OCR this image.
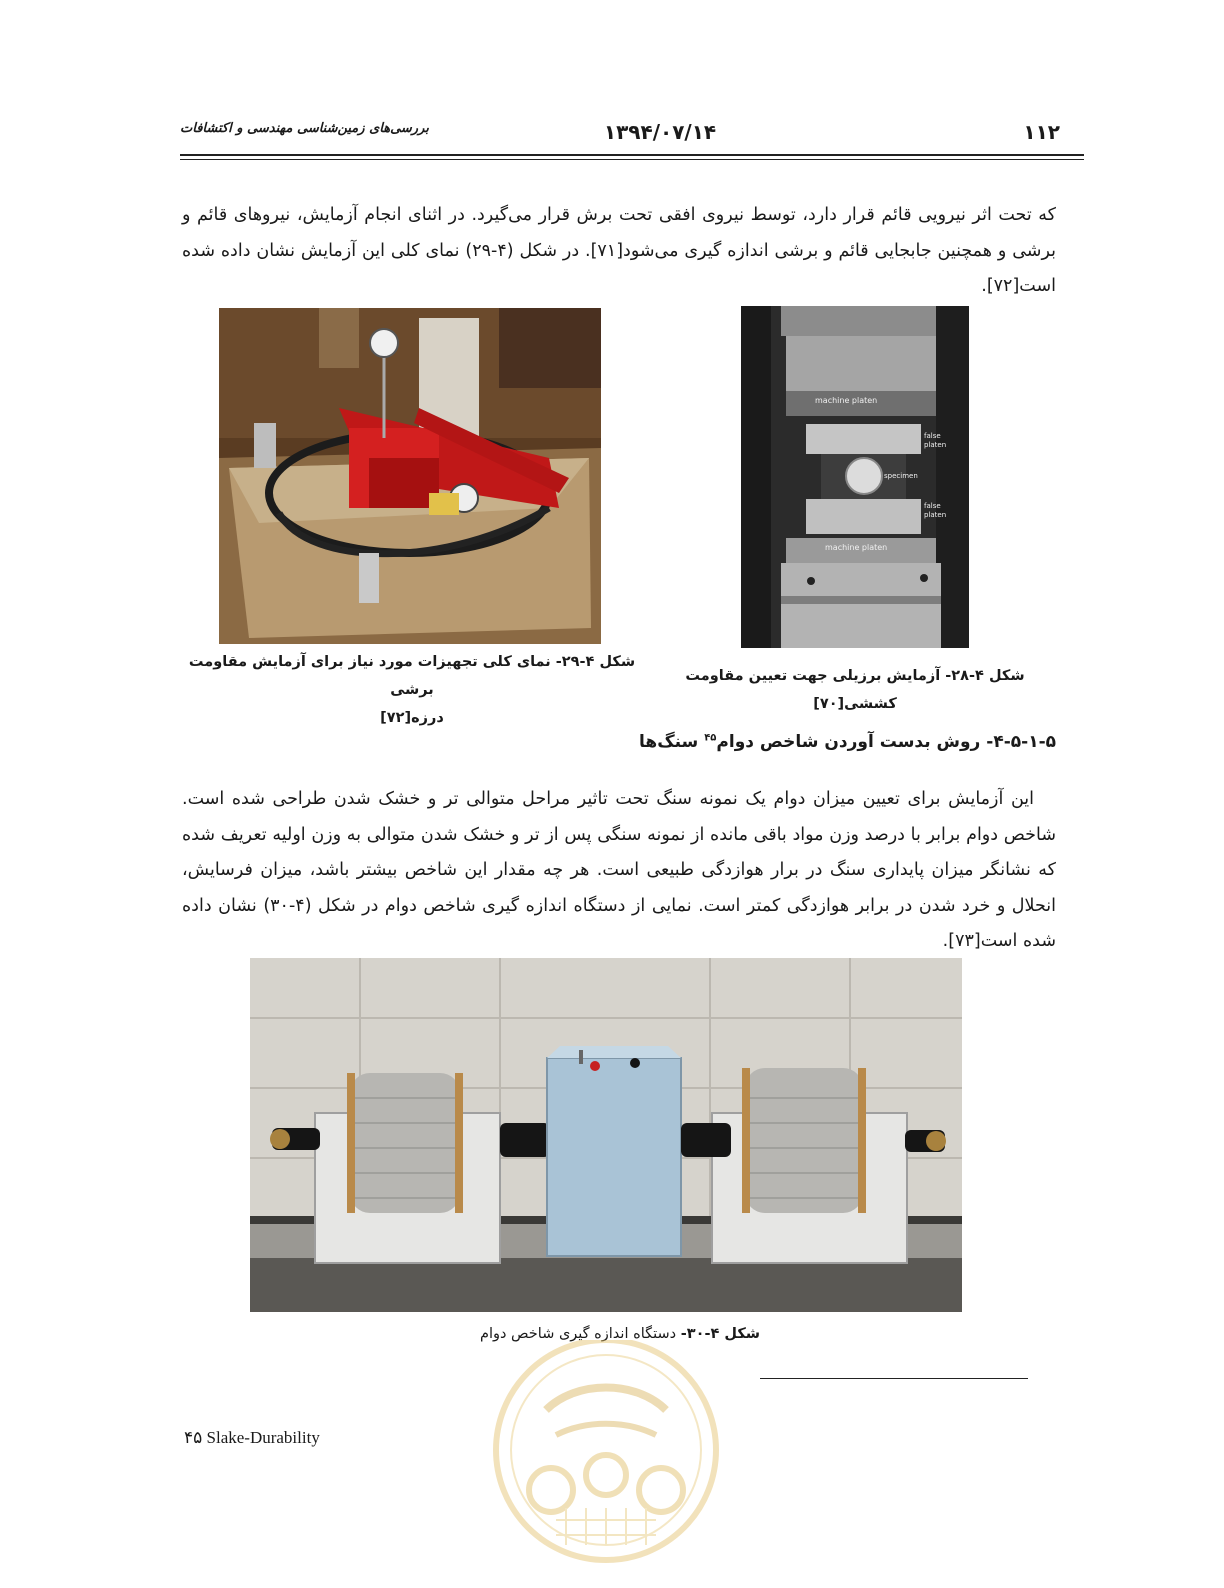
۱۱۲
۱۳۹۴/۰۷/۱۴
بررسی‌های زمین‌شناسی مهندسی و اکتشافات
که تحت اثر نیرویی قائم قرار دارد، توسط نیروی افقی تحت برش قرار می‌گیرد. در اثنای انجام آزمایش، نیروهای قائم و برشی و همچنین جابجایی قائم و برشی اندازه گیری می‌شود[۷۱]. در شکل (۴-۲۹) نمای کلی این آزمایش نشان داده شده است[۷۲].
machine platen
false
platen
specimen
false
platen
machine platen
شکل ۴-۲۹- نمای کلی تجهیزات مورد نیاز برای آزمایش مقاومت برشی
درزه[۷۲]
شکل ۴-۲۸- آزمایش برزیلی جهت تعیین مقاومت کششی[۷۰]
۴-۵-۱-۵- روش بدست آوردن شاخص دوام$^{۴۵}$ سنگ‌ها
این آزمایش برای تعیین میزان دوام یک نمونه سنگ تحت تاثیر مراحل متوالی تر و خشک شدن طراحی شده است. شاخص دوام برابر با درصد وزن مواد باقی مانده از نمونه سنگی پس از تر و خشک شدن متوالی به وزن اولیه تعریف شده که نشانگر میزان پایداری سنگ در برار هوازدگی طبیعی است. هر چه مقدار این شاخص بیشتر باشد، میزان فرسایش، انحلال و خرد شدن در برابر هوازدگی کمتر است. نمایی از دستگاه اندازه گیری شاخص دوام در شکل (۴-۳۰) نشان داده شده است[۷۳].
شکل ۴-۳۰- دستگاه اندازه گیری شاخص دوام
۴۵ Slake-Durability
